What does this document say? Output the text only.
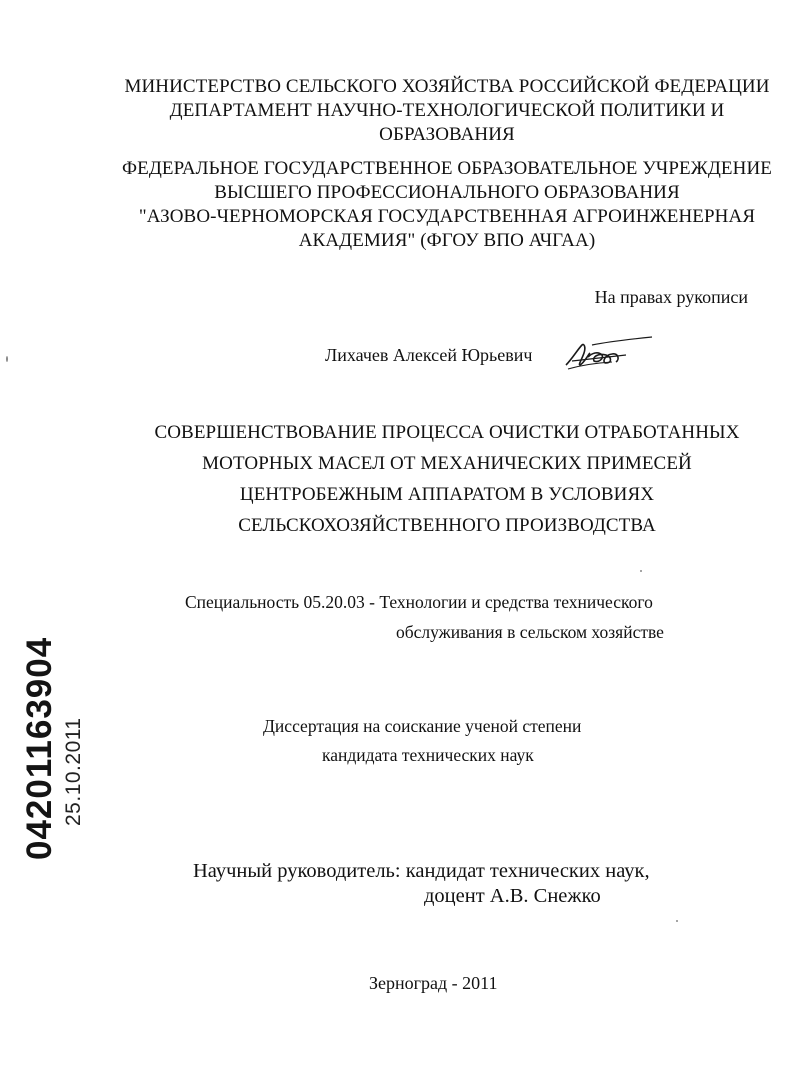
МИНИСТЕРСТВО СЕЛЬСКОГО ХОЗЯЙСТВА РОССИЙСКОЙ ФЕДЕРАЦИИ
ДЕПАРТАМЕНТ НАУЧНО-ТЕХНОЛОГИЧЕСКОЙ ПОЛИТИКИ И
ОБРАЗОВАНИЯ
ФЕДЕРАЛЬНОЕ ГОСУДАРСТВЕННОЕ ОБРАЗОВАТЕЛЬНОЕ УЧРЕЖДЕНИЕ
ВЫСШЕГО ПРОФЕССИОНАЛЬНОГО ОБРАЗОВАНИЯ
"АЗОВО-ЧЕРНОМОРСКАЯ ГОСУДАРСТВЕННАЯ АГРОИНЖЕНЕРНАЯ
АКАДЕМИЯ" (ФГОУ ВПО АЧГАА)
На правах рукописи
Лихачев Алексей Юрьевич
СОВЕРШЕНСТВОВАНИЕ ПРОЦЕССА ОЧИСТКИ ОТРАБОТАННЫХ
МОТОРНЫХ МАСЕЛ ОТ МЕХАНИЧЕСКИХ ПРИМЕСЕЙ
ЦЕНТРОБЕЖНЫМ АППАРАТОМ В УСЛОВИЯХ
СЕЛЬСКОХОЗЯЙСТВЕННОГО ПРОИЗВОДСТВА
Специальность 05.20.03 - Технологии и средства технического
обслуживания в сельском хозяйстве
Диссертация на соискание ученой степени
кандидата технических наук
Научный руководитель: кандидат технических наук,
доцент А.В. Снежко
Зерноград - 2011
04201163904 25.10.2011
